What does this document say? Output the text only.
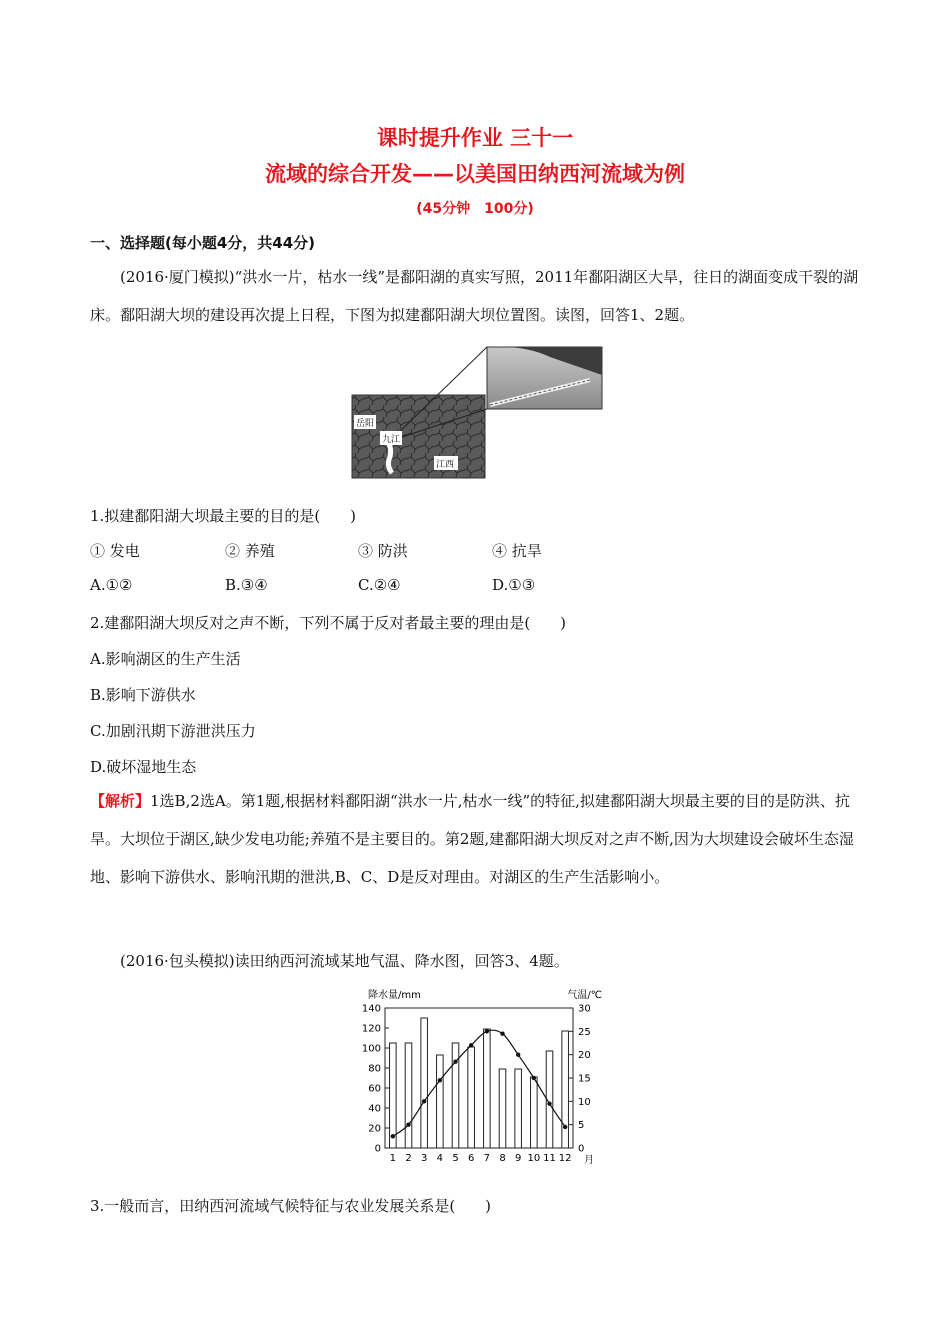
课时提升作业 三十一
流域的综合开发——以美国田纳西河流域为例
(45分钟　100分)
一、选择题(每小题4分，共44分)
(2016·厦门模拟)“洪水一片，枯水一线”是鄱阳湖的真实写照，2011年鄱阳湖区大旱，往日的湖面变成干裂的湖床。鄱阳湖大坝的建设再次提上日程，下图为拟建鄱阳湖大坝位置图。读图，回答1、2题。
岳阳
九江
江西
1.拟建鄱阳湖大坝最主要的目的是(　　)
① 发电	② 养殖	③ 防洪	④ 抗旱
A.①②	B.③④	C.②④	D.①③
2.建鄱阳湖大坝反对之声不断，下列不属于反对者最主要的理由是(　　)
A.影响湖区的生产生活
B.影响下游供水
C.加剧汛期下游泄洪压力
D.破坏湿地生态
【解析】1选B,2选A。第1题,根据材料鄱阳湖“洪水一片,枯水一线”的特征,拟建鄱阳湖大坝最主要的目的是防洪、抗旱。大坝位于湖区,缺少发电功能;养殖不是主要目的。第2题,建鄱阳湖大坝反对之声不断,因为大坝建设会破坏生态湿地、影响下游供水、影响汛期的泄洪,B、C、D是反对理由。对湖区的生产生活影响小。
(2016·包头模拟)读田纳西河流域某地气温、降水图，回答3、4题。
降水量/mm	气温/℃
月
0
20
40
60
80
100
120
140
0
5
10
15
20
25
30
1 2 3 4 5 6 7 8 9 10 11 12
3.一般而言，田纳西河流域气候特征与农业发展关系是(　　)
